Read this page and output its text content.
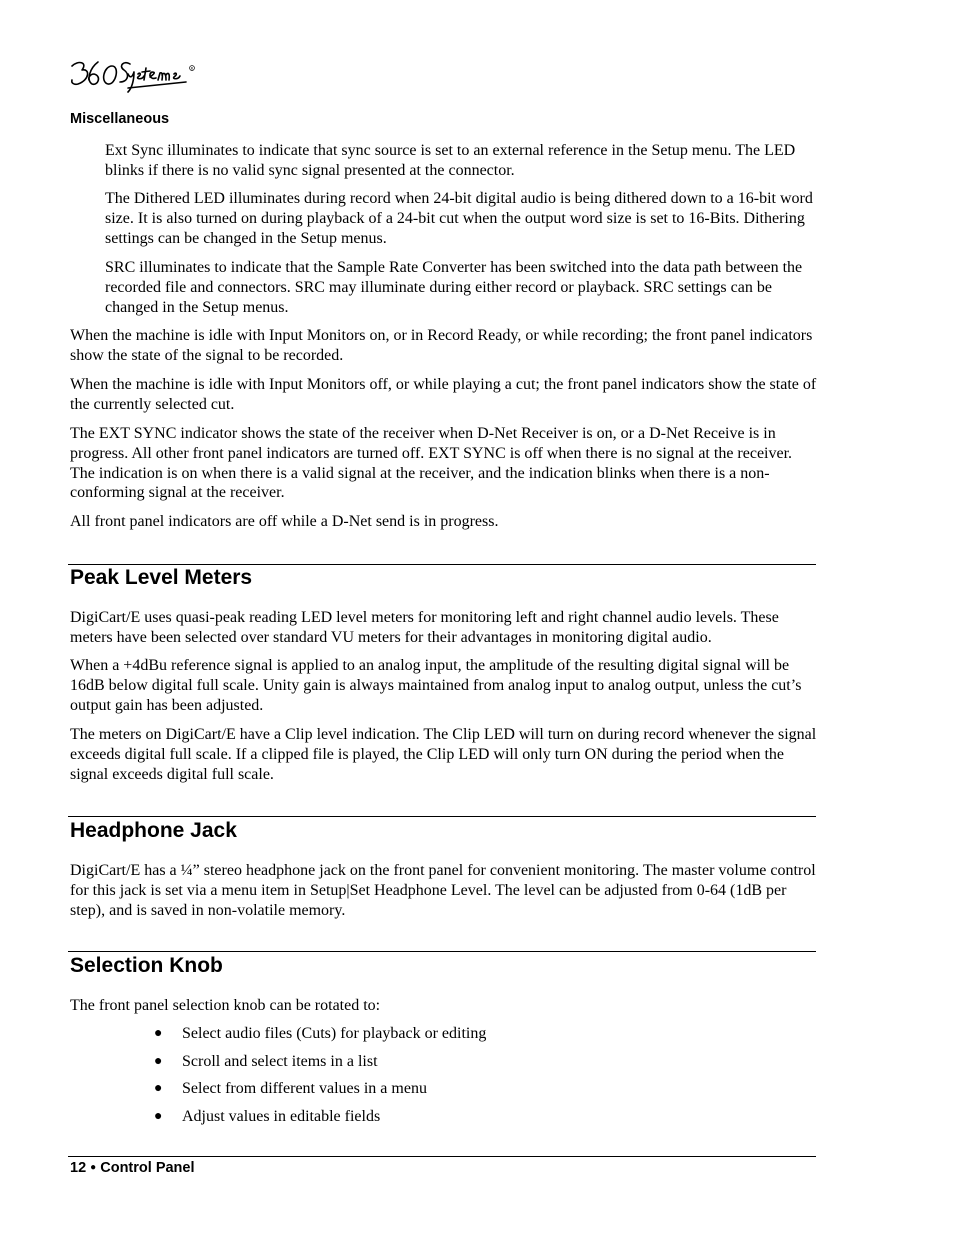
R
Miscellaneous

Ext Sync illuminates to indicate that sync source is set to an external reference in the Setup menu. The LED blinks if there is no valid sync signal presented at the connector.

The Dithered LED illuminates during record when 24-bit digital audio is being dithered down to a 16-bit word size. It is also turned on during playback of a 24-bit cut when the output word size is set to 16-Bits. Dithering settings can be changed in the Setup menus.

SRC illuminates to indicate that the Sample Rate Converter has been switched into the data path between the recorded file and connectors. SRC may illuminate during either record or playback. SRC settings can be changed in the Setup menus.

When the machine is idle with Input Monitors on, or in Record Ready, or while recording; the front panel indicators show the state of the signal to be recorded.

When the machine is idle with Input Monitors off, or while playing a cut; the front panel indicators show the state of the currently selected cut.

The EXT SYNC indicator shows the state of the receiver when D-Net Receiver is on, or a D-Net Receive is in progress. All other front panel indicators are turned off. EXT SYNC is off when there is no signal at the receiver. The indication is on when there is a valid signal at the receiver, and the indication blinks when there is a non-conforming signal at the receiver.

All front panel indicators are off while a D-Net send is in progress.

Peak Level Meters

DigiCart/E uses quasi-peak reading LED level meters for monitoring left and right channel audio levels. These meters have been selected over standard VU meters for their advantages in monitoring digital audio.

When a +4dBu reference signal is applied to an analog input, the amplitude of the resulting digital signal will be 16dB below digital full scale. Unity gain is always maintained from analog input to analog output, unless the cut’s output gain has been adjusted.

The meters on DigiCart/E have a Clip level indication. The Clip LED will turn on during record whenever the signal exceeds digital full scale. If a clipped file is played, the Clip LED will only turn ON during the period when the signal exceeds digital full scale.

Headphone Jack

DigiCart/E has a ¼” stereo headphone jack on the front panel for convenient monitoring. The master volume control for this jack is set via a menu item in Setup|Set Headphone Level. The level can be adjusted from 0-64 (1dB per step), and is saved in non-volatile memory.

Selection Knob

The front panel selection knob can be rotated to:

● Select audio files (Cuts) for playback or editing
● Scroll and select items in a list
● Select from different values in a menu
● Adjust values in editable fields

12 ● Control Panel
